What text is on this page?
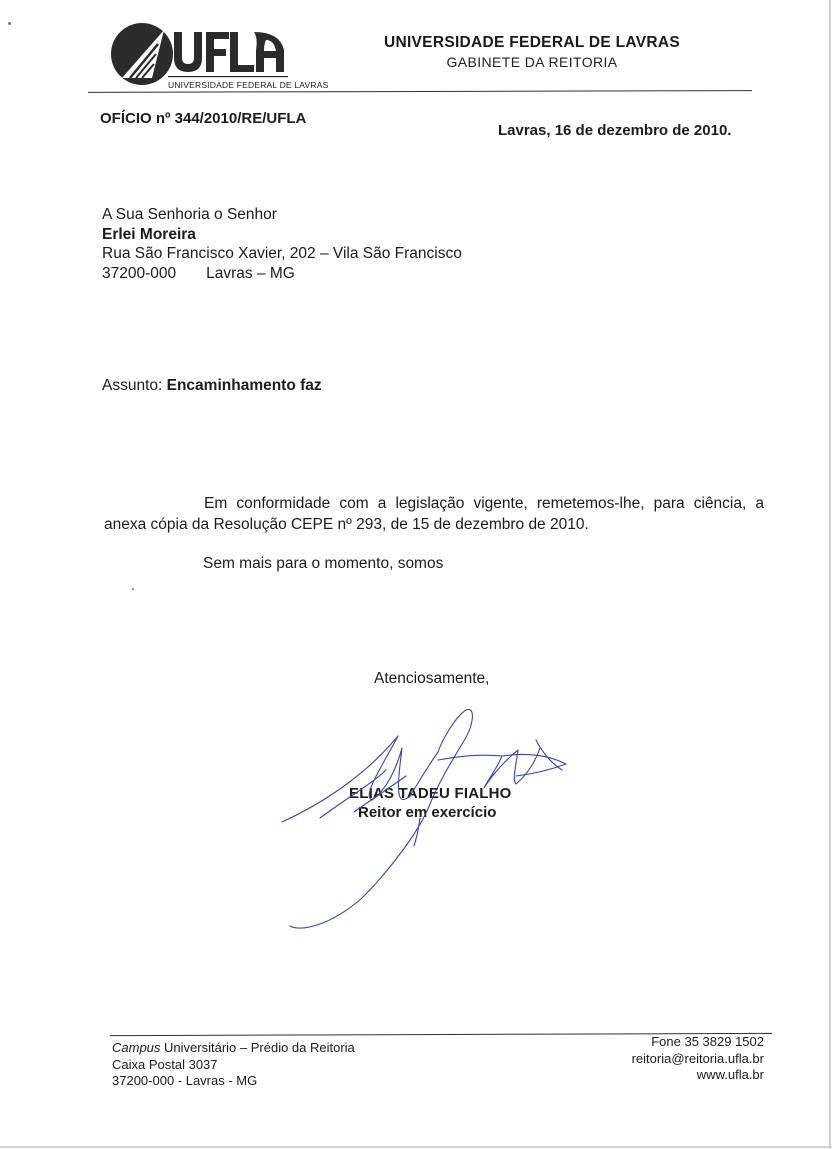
UNIVERSIDADE FEDERAL DE LAVRAS
UNIVERSIDADE FEDERAL DE LAVRAS
GABINETE DA REITORIA
OFÍCIO nº 344/2010/RE/UFLA
Lavras, 16 de dezembro de 2010.
A Sua Senhoria o Senhor
Erlei Moreira
Rua São Francisco Xavier, 202 – Vila São Francisco
37200-000 Lavras – MG
Assunto: Encaminhamento faz
Em conformidade com a legislação vigente, remetemos-lhe, para ciência, a anexa cópia da Resolução CEPE nº 293, de 15 de dezembro de 2010.
Sem mais para o momento, somos
Atenciosamente,
ELIAS TADEU FIALHO
Reitor em exercício
Campus Universitário – Prédio da Reitoria
Caixa Postal 3037
37200-000 - Lavras - MG
Fone 35 3829 1502
reitoria@reitoria.ufla.br
www.ufla.br
